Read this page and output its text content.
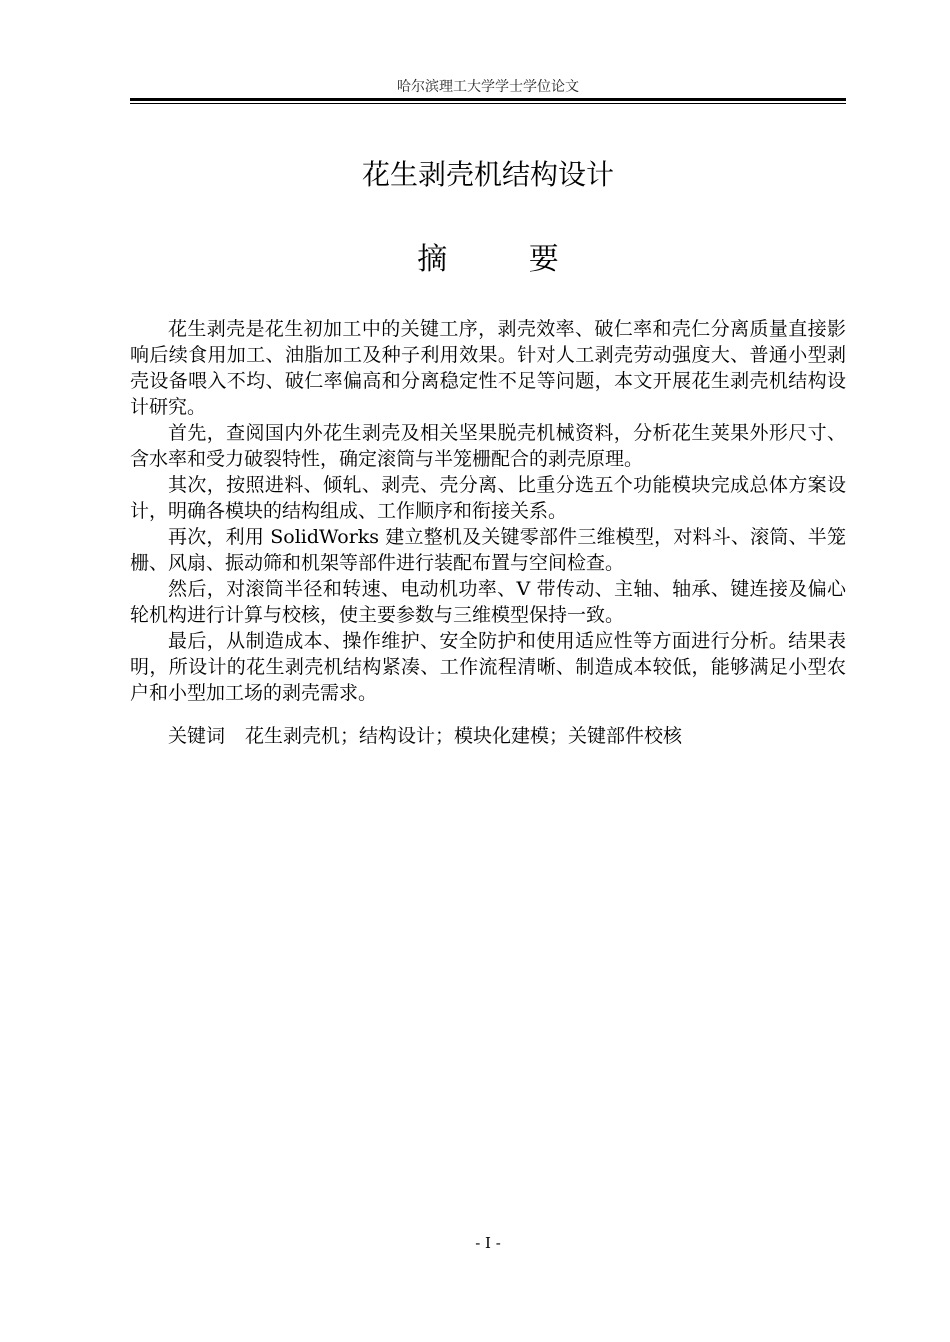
哈尔滨理工大学学士学位论文
花生剥壳机结构设计
摘 要

花生剥壳是花生初加工中的关键工序，剥壳效率、破仁率和壳仁分离质量直接影响后续食用加工、油脂加工及种子利用效果。针对人工剥壳劳动强度大、普通小型剥壳设备喂入不均、破仁率偏高和分离稳定性不足等问题，本文开展花生剥壳机结构设计研究。

首先，查阅国内外花生剥壳及相关坚果脱壳机械资料，分析花生荚果外形尺寸、含水率和受力破裂特性，确定滚筒与半笼栅配合的剥壳原理。

其次，按照进料、倾轧、剥壳、壳分离、比重分选五个功能模块完成总体方案设计，明确各模块的结构组成、工作顺序和衔接关系。

再次，利用 SolidWorks 建立整机及关键零部件三维模型，对料斗、滚筒、半笼栅、风扇、振动筛和机架等部件进行装配布置与空间检查。

然后，对滚筒半径和转速、电动机功率、V 带传动、主轴、轴承、键连接及偏心轮机构进行计算与校核，使主要参数与三维模型保持一致。

最后，从制造成本、操作维护、安全防护和使用适应性等方面进行分析。结果表明，所设计的花生剥壳机结构紧凑、工作流程清晰、制造成本较低，能够满足小型农户和小型加工场的剥壳需求。

关键词 花生剥壳机；结构设计；模块化建模；关键部件校核
- I -
